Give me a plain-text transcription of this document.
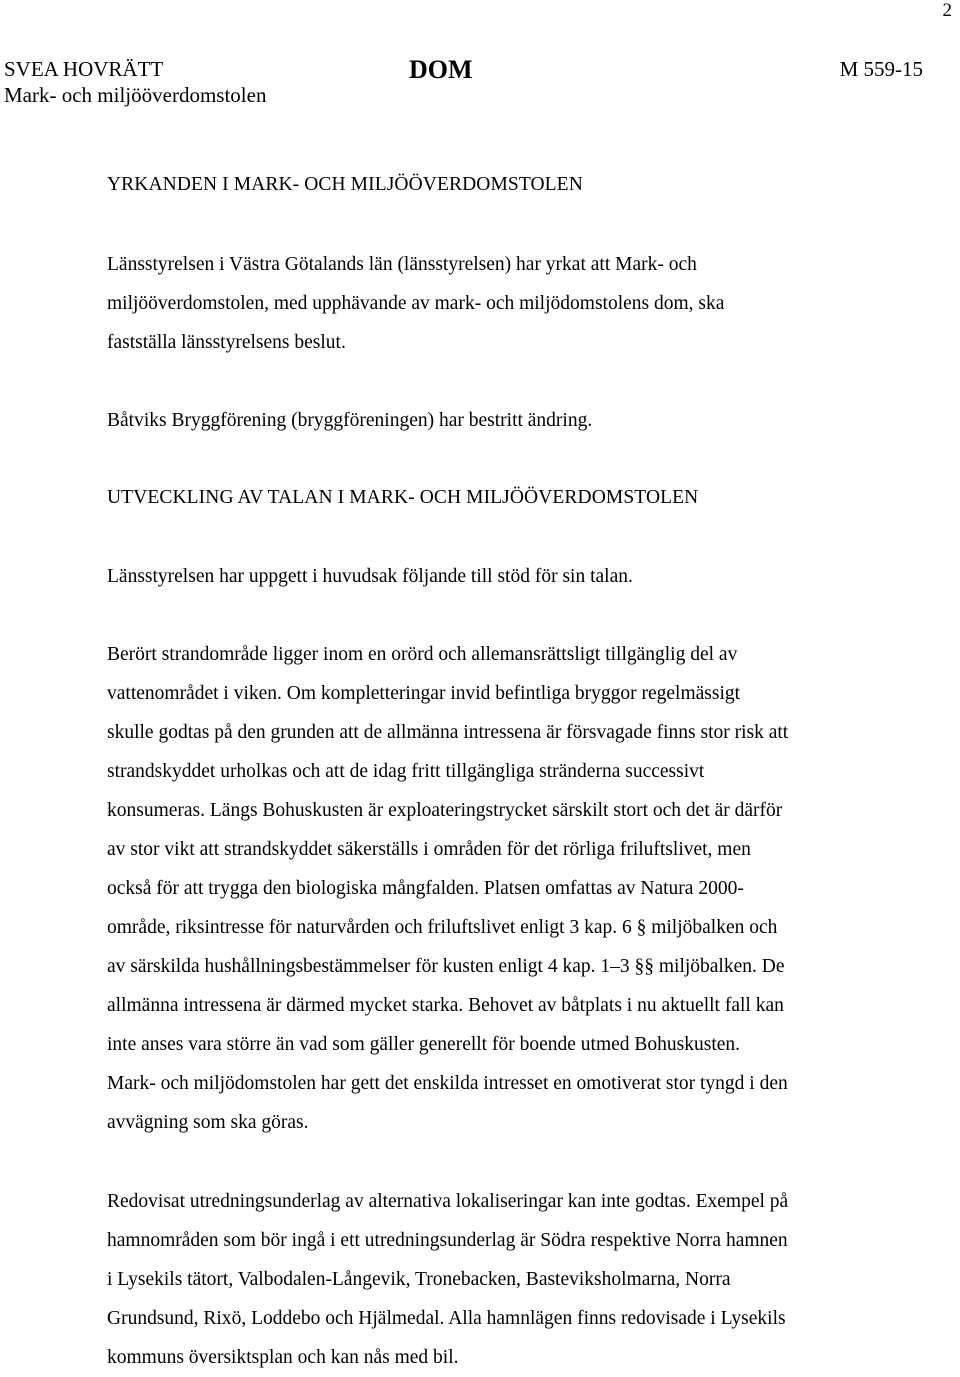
2
SVEA HOVRÄTT
Mark- och miljööverdomstolen
DOM	M 559-15
YRKANDEN I MARK- OCH MILJÖÖVERDOMSTOLEN
Länsstyrelsen i Västra Götalands län (länsstyrelsen) har yrkat att Mark- och
miljööverdomstolen, med upphävande av mark- och miljödomstolens dom, ska
fastställa länsstyrelsens beslut.
Båtviks Bryggförening (bryggföreningen) har bestritt ändring.
UTVECKLING AV TALAN I MARK- OCH MILJÖÖVERDOMSTOLEN
Länsstyrelsen har uppgett i huvudsak följande till stöd för sin talan.
Berört strandområde ligger inom en orörd och allemansrättsligt tillgänglig del av
vattenområdet i viken. Om kompletteringar invid befintliga bryggor regelmässigt
skulle godtas på den grunden att de allmänna intressena är försvagade finns stor risk att
strandskyddet urholkas och att de idag fritt tillgängliga stränderna successivt
konsumeras. Längs Bohuskusten är exploateringstrycket särskilt stort och det är därför
av stor vikt att strandskyddet säkerställs i områden för det rörliga friluftslivet, men
också för att trygga den biologiska mångfalden. Platsen omfattas av Natura 2000-
område, riksintresse för naturvården och friluftslivet enligt 3 kap. 6 § miljöbalken och
av särskilda hushållningsbestämmelser för kusten enligt 4 kap. 1–3 §§ miljöbalken. De
allmänna intressena är därmed mycket starka. Behovet av båtplats i nu aktuellt fall kan
inte anses vara större än vad som gäller generellt för boende utmed Bohuskusten.
Mark- och miljödomstolen har gett det enskilda intresset en omotiverat stor tyngd i den
avvägning som ska göras.
Redovisat utredningsunderlag av alternativa lokaliseringar kan inte godtas. Exempel på
hamnområden som bör ingå i ett utredningsunderlag är Södra respektive Norra hamnen
i Lysekils tätort, Valbodalen-Långevik, Tronebacken, Basteviksholmarna, Norra
Grundsund, Rixö, Loddebo och Hjälmedal. Alla hamnlägen finns redovisade i Lysekils
kommuns översiktsplan och kan nås med bil.
